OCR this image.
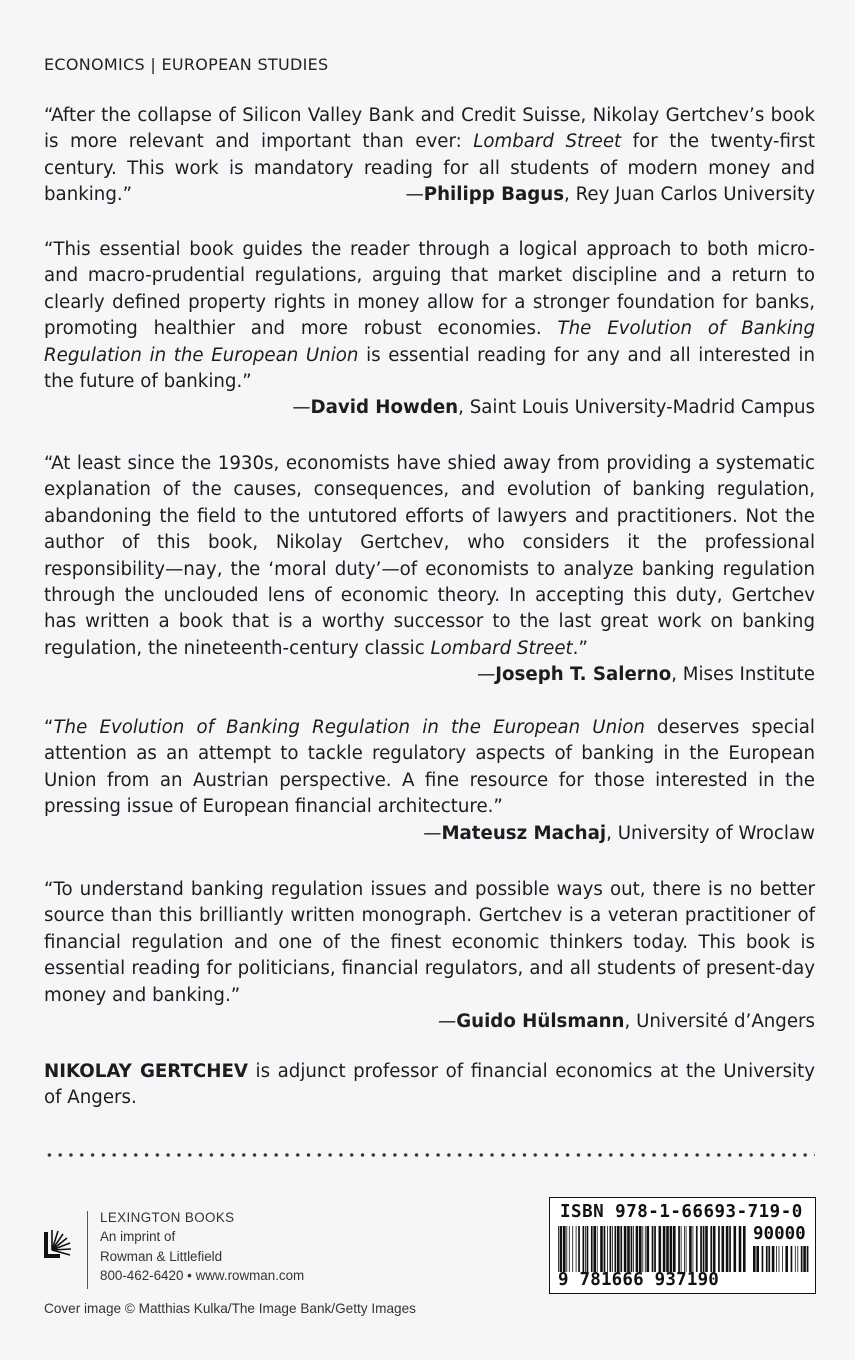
ECONOMICS | EUROPEAN STUDIES

“After the collapse of Silicon Valley Bank and Credit Suisse, Nikolay Gertchev’s book is more relevant and important than ever: Lombard Street for the twenty-first century. This work is mandatory reading for all students of modern money and banking.”	—Philipp Bagus, Rey Juan Carlos University

“This essential book guides the reader through a logical approach to both micro- and macro-prudential regulations, arguing that market discipline and a return to clearly defined property rights in money allow for a stronger foundation for banks, promoting healthier and more robust economies. The Evolution of Banking Regulation in the European Union is essential reading for any and all interested in the future of banking.”

—David Howden, Saint Louis University-Madrid Campus

“At least since the 1930s, economists have shied away from providing a systematic explanation of the causes, consequences, and evolution of banking regulation, abandoning the field to the untutored efforts of lawyers and practitioners. Not the author of this book, Nikolay Gertchev, who considers it the professional responsibility—nay, the ‘moral duty’—of economists to analyze banking regulation through the unclouded lens of economic theory. In accepting this duty, Gertchev has written a book that is a worthy successor to the last great work on banking regulation, the nineteenth-century classic Lombard Street.”
—Joseph T. Salerno, Mises Institute

“The Evolution of Banking Regulation in the European Union deserves special attention as an attempt to tackle regulatory aspects of banking in the European Union from an Austrian perspective. A fine resource for those interested in the pressing issue of European financial architecture.”

—Mateusz Machaj, University of Wroclaw

“To understand banking regulation issues and possible ways out, there is no better source than this brilliantly written monograph. Gertchev is a veteran practitioner of financial regulation and one of the finest economic thinkers today. This book is essential reading for politicians, financial regulators, and all students of present-day money and banking.”

—Guido Hülsmann, Université d’Angers

NIKOLAY GERTCHEV is adjunct professor of financial economics at the University of Angers.

LEXINGTON BOOKS
An imprint of
Rowman & Littlefield
800-462-6420 • www.rowman.com
Cover image © Matthias Kulka/The Image Bank/Getty Images
ISBN 978-1-66693-719-0
90000
9 781666 937190
